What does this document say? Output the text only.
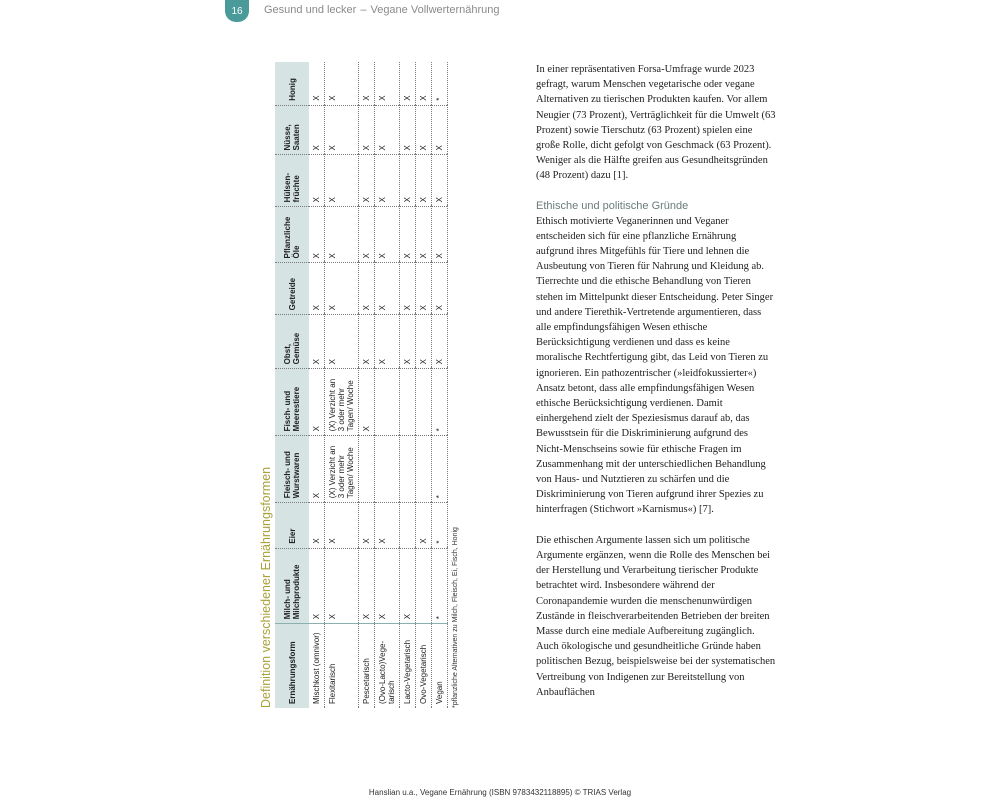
16	Gesund und lecker – Vegane Vollwerternährung
Definition verschiedener Ernährungsformen Ernährungsform	Milch- und Milchprodukte	Eier	Fleisch- und Wurstwaren	Fisch- und Meerestiere	Obst, Gemüse	Getreide	Pflanzliche Öle	Hülsenfrüchte	Nüsse, Saaten	Honig
Mischkost (omnivor)	X	X	X	X	X	X	X	X	X	X
Flexitarisch	X	X	(X) Verzicht an 3 oder mehr Tagen/ Woche	(X) Verzicht an 3 oder mehr Tagen/ Woche	X	X	X	X	X	X
Pescetarisch	X	X		X	X	X	X	X	X	X
(Ovo-Lacto)Vegetarisch	X	X			X	X	X	X	X	X
Lacto-Vegetarisch	X				X	X	X	X	X	X
Ovo-Vegetarisch		X			X	X	X	X	X	X
Vegan	*	*	*	*	X	X	X	X	X	*
*pflanzliche Alternativen zu Milch, Fleisch, Ei, Fisch, Honig

In einer repräsentativen Forsa-Umfrage wurde 2023 gefragt, warum Menschen vegetarische oder vegane Alternativen zu tierischen Produkten kaufen. Vor allem Neugier (73 Prozent), Verträglichkeit für die Umwelt (63 Prozent) sowie Tierschutz (63 Prozent) spielen eine große Rolle, dicht gefolgt von Geschmack (63 Prozent). Weniger als die Hälfte greifen aus Gesundheitsgründen (48 Prozent) dazu [1].

Ethische und politische Gründe

Ethisch motivierte Veganerinnen und Veganer entscheiden sich für eine pflanzliche Ernährung aufgrund ihres Mitgefühls für Tiere und lehnen die Ausbeutung von Tieren für Nahrung und Kleidung ab. Tierrechte und die ethische Behandlung von Tieren stehen im Mittelpunkt dieser Entscheidung. Peter Singer und andere Tierethik-Vertretende argumentieren, dass alle empfindungsfähigen Wesen ethische Berücksichtigung verdienen und dass es keine moralische Rechtfertigung gibt, das Leid von Tieren zu ignorieren. Ein pathozentrischer (»leidfokussierter«) Ansatz betont, dass alle empfindungsfähigen Wesen ethische Berücksichtigung verdienen. Damit einhergehend zielt der Speziesismus darauf ab, das Bewusstsein für die Diskriminierung aufgrund des Nicht-Menschseins sowie für ethische Fragen im Zusammenhang mit der unterschiedlichen Behandlung von Haus- und Nutztieren zu schärfen und die Diskriminierung von Tieren aufgrund ihrer Spezies zu hinterfragen (Stichwort »Karnismus«) [7].

Die ethischen Argumente lassen sich um politische Argumente ergänzen, wenn die Rolle des Menschen bei der Herstellung und Verarbeitung tierischer Produkte betrachtet wird. Insbesondere während der Coronapandemie wurden die menschenunwürdigen Zustände in fleischverarbeitenden Betrieben der breiten Masse durch eine mediale Aufbereitung zugänglich. Auch ökologische und gesundheitliche Gründe haben politischen Bezug, beispielsweise bei der systematischen Vertreibung von Indigenen zur Bereitstellung von Anbauflächen

Hanslian u.a., Vegane Ernährung (ISBN 9783432118895) © TRIAS Verlag
